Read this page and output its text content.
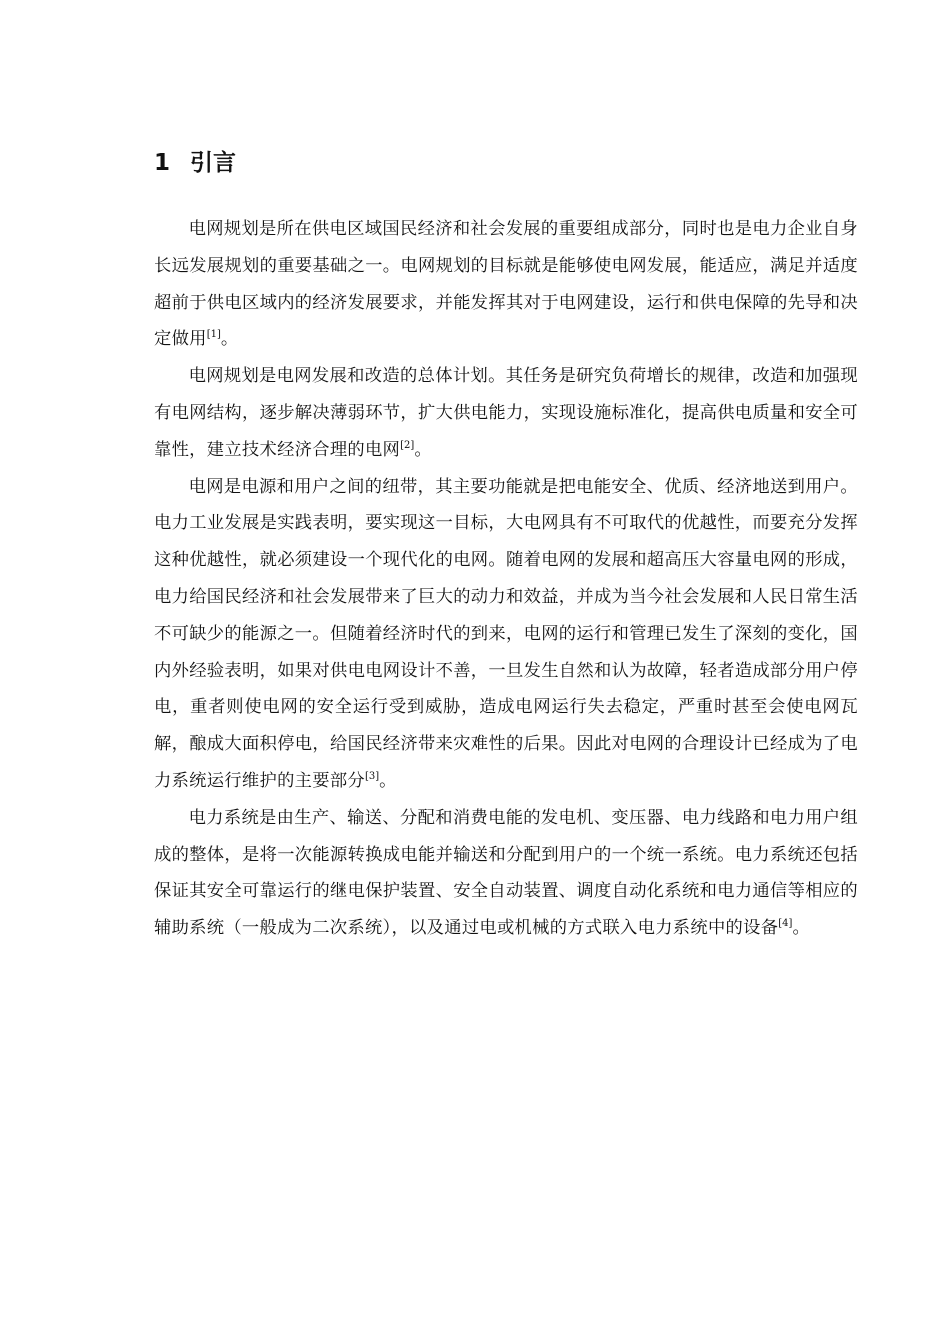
1 引言

电网规划是所在供电区域国民经济和社会发展的重要组成部分，同时也是电力企业自身长远发展规划的重要基础之一。电网规划的目标就是能够使电网发展，能适应，满足并适度超前于供电区域内的经济发展要求，并能发挥其对于电网建设，运行和供电保障的先导和决定做用[1]。

电网规划是电网发展和改造的总体计划。其任务是研究负荷增长的规律，改造和加强现有电网结构，逐步解决薄弱环节，扩大供电能力，实现设施标准化，提高供电质量和安全可靠性，建立技术经济合理的电网[2]。

电网是电源和用户之间的纽带，其主要功能就是把电能安全、优质、经济地送到用户。电力工业发展是实践表明，要实现这一目标，大电网具有不可取代的优越性，而要充分发挥这种优越性，就必须建设一个现代化的电网。随着电网的发展和超高压大容量电网的形成，电力给国民经济和社会发展带来了巨大的动力和效益，并成为当今社会发展和人民日常生活不可缺少的能源之一。但随着经济时代的到来，电网的运行和管理已发生了深刻的变化，国内外经验表明，如果对供电电网设计不善，一旦发生自然和认为故障，轻者造成部分用户停电，重者则使电网的安全运行受到威胁，造成电网运行失去稳定，严重时甚至会使电网瓦解，酿成大面积停电，给国民经济带来灾难性的后果。因此对电网的合理设计已经成为了电力系统运行维护的主要部分[3]。

电力系统是由生产、输送、分配和消费电能的发电机、变压器、电力线路和电力用户组成的整体，是将一次能源转换成电能并输送和分配到用户的一个统一系统。电力系统还包括保证其安全可靠运行的继电保护装置、安全自动装置、调度自动化系统和电力通信等相应的辅助系统（一般成为二次系统），以及通过电或机械的方式联入电力系统中的设备[4]。
